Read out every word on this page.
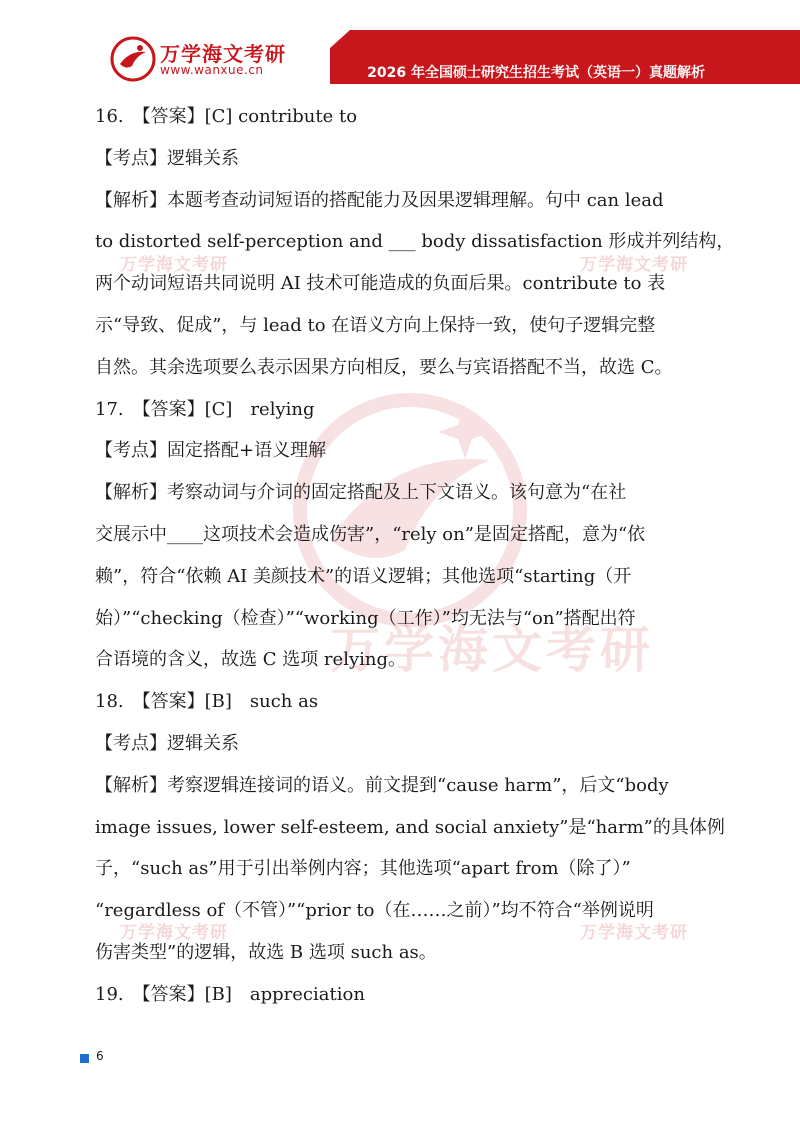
万学海文考研
www.wanxue.cn	2026 年全国硕士研究生招生考试（英语一）真题解析
万学海文考研
万学海文考研	万学海文考研
万学海文考研	万学海文考研
16.　【答案】[C] contribute to
【考点】逻辑关系
【解析】本题考查动词短语的搭配能力及因果逻辑理解。句中 can lead
to distorted self-perception and ___ body dissatisfaction 形成并列结构，
两个动词短语共同说明 AI 技术可能造成的负面后果。contribute to 表
示“导致、促成”，与 lead to 在语义方向上保持一致，使句子逻辑完整
自然。其余选项要么表示因果方向相反，要么与宾语搭配不当，故选 C。
17.　【答案】[C]　relying
【考点】固定搭配+语义理解
【解析】考察动词与介词的固定搭配及上下文语义。该句意为“在社
交展示中____这项技术会造成伤害”，“rely on”是固定搭配，意为“依
赖”，符合“依赖 AI 美颜技术”的语义逻辑；其他选项“starting（开
始）”“checking（检查）”“working（工作）”均无法与“on”搭配出符
合语境的含义，故选 C 选项 relying。
18.　【答案】[B]　such as
【考点】逻辑关系
【解析】考察逻辑连接词的语义。前文提到“cause harm”，后文“body
image issues, lower self-esteem, and social anxiety”是“harm”的具体例
子，“such as”用于引出举例内容；其他选项“apart from（除了）”
“regardless of（不管）”“prior to（在……之前）”均不符合“举例说明
伤害类型”的逻辑，故选 B 选项 such as。
19.　【答案】[B]　appreciation
6
